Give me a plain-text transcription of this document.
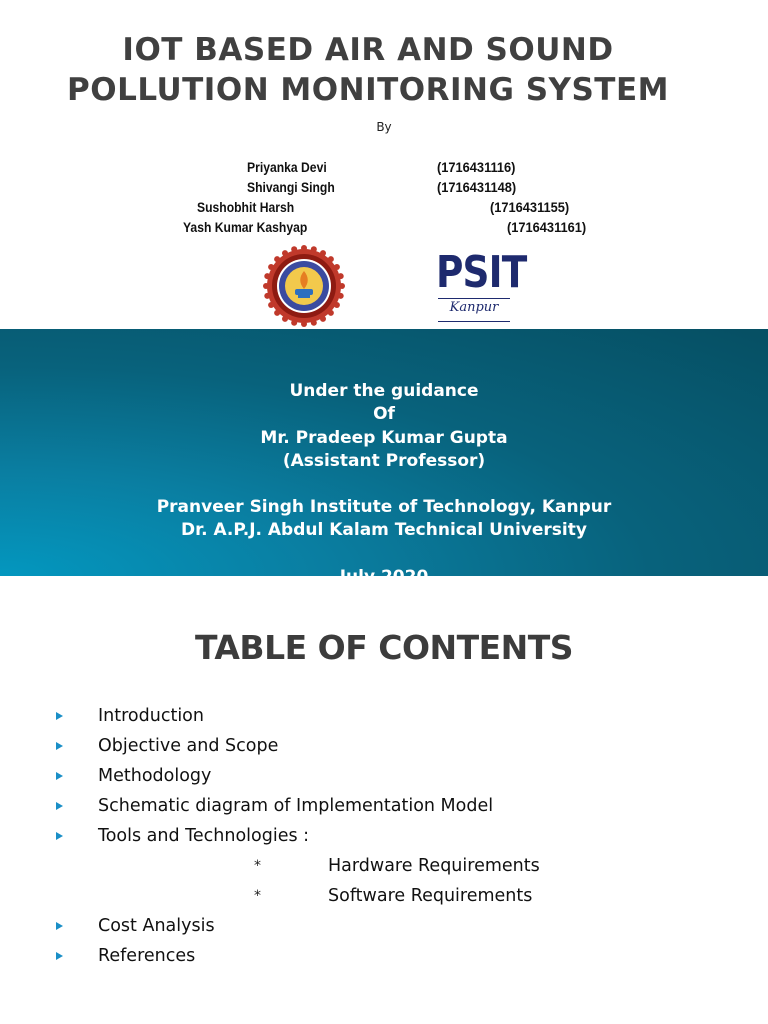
IOT BASED AIR AND SOUND
POLLUTION MONITORING SYSTEM
By
Priyanka Devi	(1716431116)
Shivangi Singh	(1716431148)
Sushobhit Harsh	(1716431155)
Yash Kumar Kashyap	(1716431161)
PSIT
Kanpur
Under the guidance
Of
Mr. Pradeep Kumar Gupta
(Assistant Professor)
Pranveer Singh Institute of Technology, Kanpur
Dr. A.P.J. Abdul Kalam Technical University
TABLE OF CONTENTS
Introduction
Objective and Scope
Methodology
Schematic diagram of Implementation Model
Tools and Technologies :
*	Hardware Requirements
*	Software Requirements
Cost Analysis
References
